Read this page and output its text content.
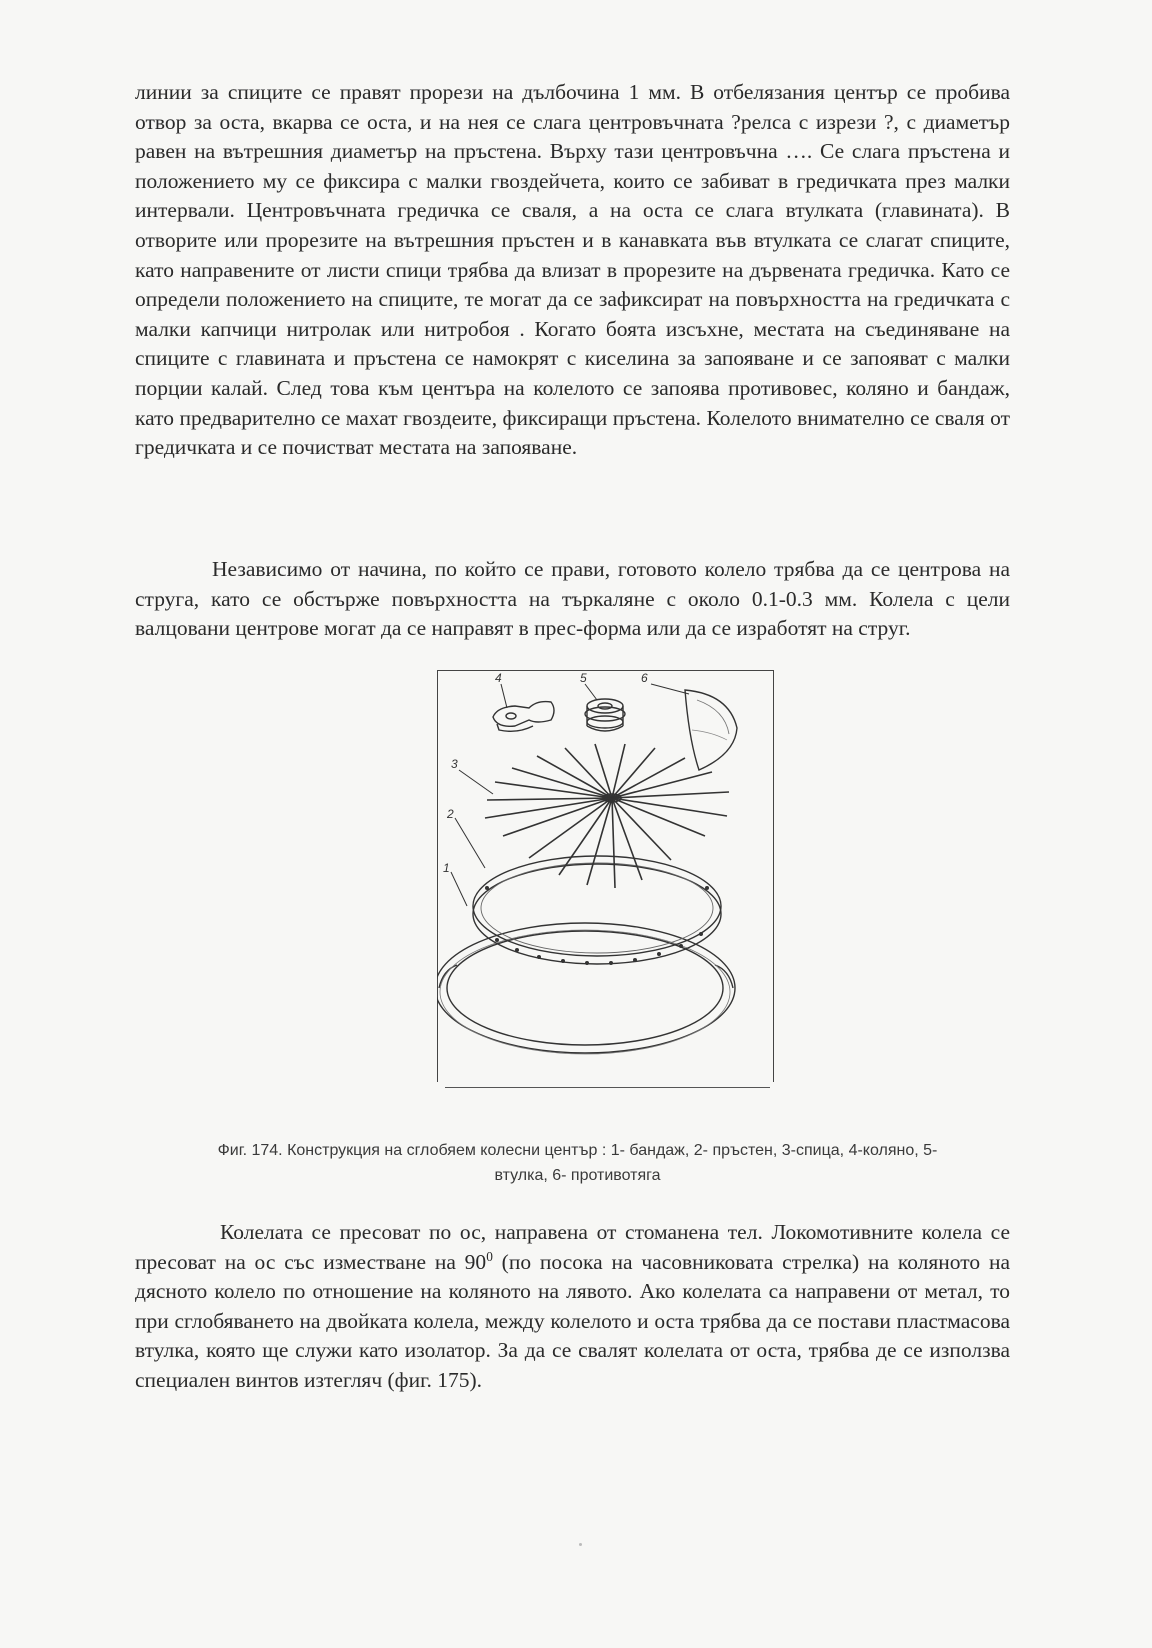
линии за спиците се правят прорези на дълбочина 1 мм. В отбелязания център се пробива отвор за оста, вкарва се оста, и на нея се слага центровъчната ?релса с изрези ?, с диаметър равен на вътрешния диаметър на пръстена. Върху тази центровъчна …. Се слага пръстена и положението му се фиксира с малки гвоздейчета, които се забиват в гредичката през малки интервали. Центровъчната гредичка се сваля, а на оста се слага втулката (главината). В отворите или прорезите на вътрешния пръстен и в канавката във втулката се слагат спиците, като направените от листи спици трябва да влизат в прорезите на дървената гредичка. Като се определи положението на спиците, те могат да се зафиксират на повърхността на гредичката с малки капчици нитролак или нитробоя . Когато боята изсъхне, местата на съединяване на спиците с главината и пръстена се намокрят с киселина за запояване и се запояват с малки порции калай. След това към центъра на колелото се запоява противовес, коляно и бандаж, като предварително се махат гвоздеите, фиксиращи пръстена. Колелото внимателно се сваля от гредичката и се почистват местата на запояване.

Независимо от начина, по който се прави, готовото колело трябва да се центрова на струга, като се обстърже повърхността на търкаляне с около 0.1-0.3 мм. Колела с цели валцовани центрове могат да се направят в прес-форма или да се изработят на струг.

4	5	6
3
2
1

Фиг. 174. Конструкция на сглобяем колесни център : 1- бандаж, 2- пръстен, 3-спица, 4-коляно, 5-
втулка, 6- противотяга

Колелата се пресоват по ос, направена от стоманена тел. Локомотивните колела се пресоват на ос със изместване на $90^0$ (по посока на часовниковата стрелка) на коляното на дясното колело по отношение на коляното на лявото. Ако колелата са направени от метал, то при сглобяването на двойката колела, между колелото и оста трябва да се постави пластмасова втулка, която ще служи като изолатор. За да се свалят колелата от оста, трябва де се използва специален винтов изтегляч (фиг. 175).
